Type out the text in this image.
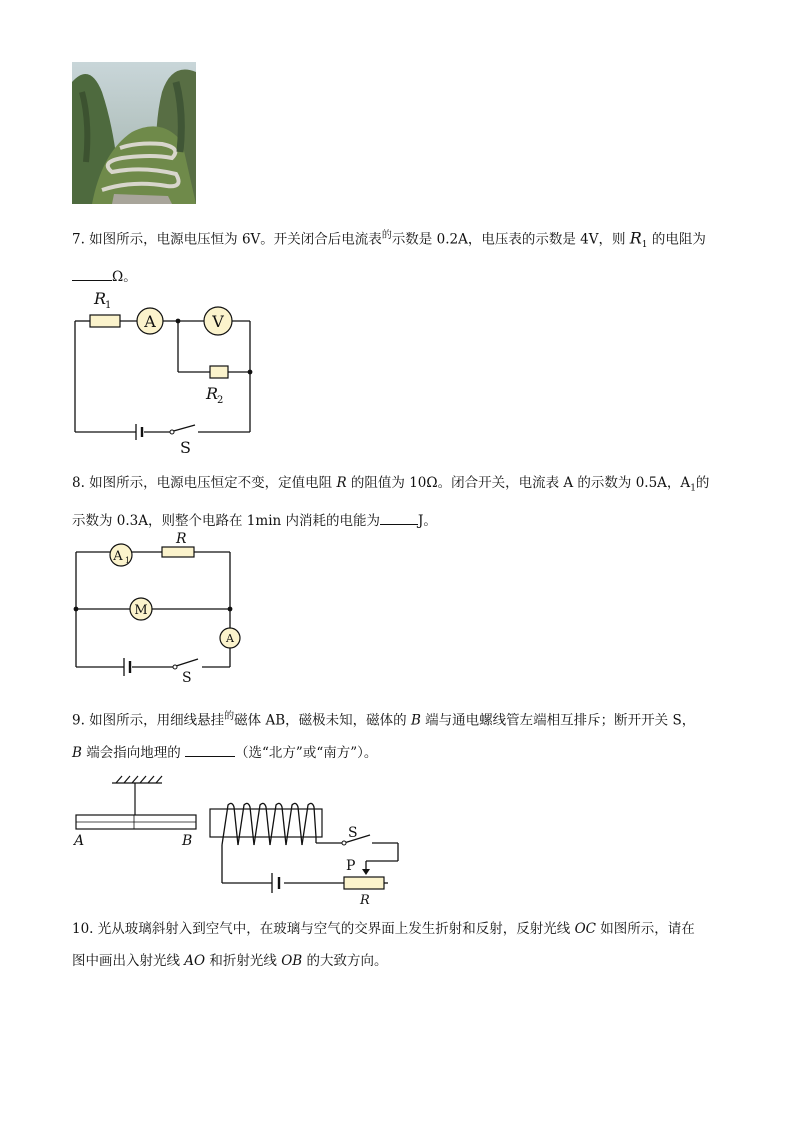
7. 如图所示，电源电压恒为 6V。开关闭合后电流表$^的$示数是 0.2A，电压表的示数是 4V，则 $R_1$ 的电阻为
Ω。

A	V
R
1
R
2
S

8. 如图所示，电源电压恒定不变，定值电阻 R 的阻值为 10Ω。闭合开关，电流表 A 的示数为 0.5A，$A_1$的
示数为 0.3A，则整个电路在 1min 内消耗的电能为	J。

A 1
R
M
A
S

9. 如图所示，用细线悬挂$^的$磁体 AB，磁极未知，磁体的 B 端与通电螺线管左端相互排斥；断开开关 S，
B 端会指向地理的	（选“北方”或“南方”）。

A	B	S
P
R

10. 光从玻璃斜射入到空气中，在玻璃与空气的交界面上发生折射和反射，反射光线 OC 如图所示，请在
图中画出入射光线 AO 和折射光线 OB 的大致方向。
